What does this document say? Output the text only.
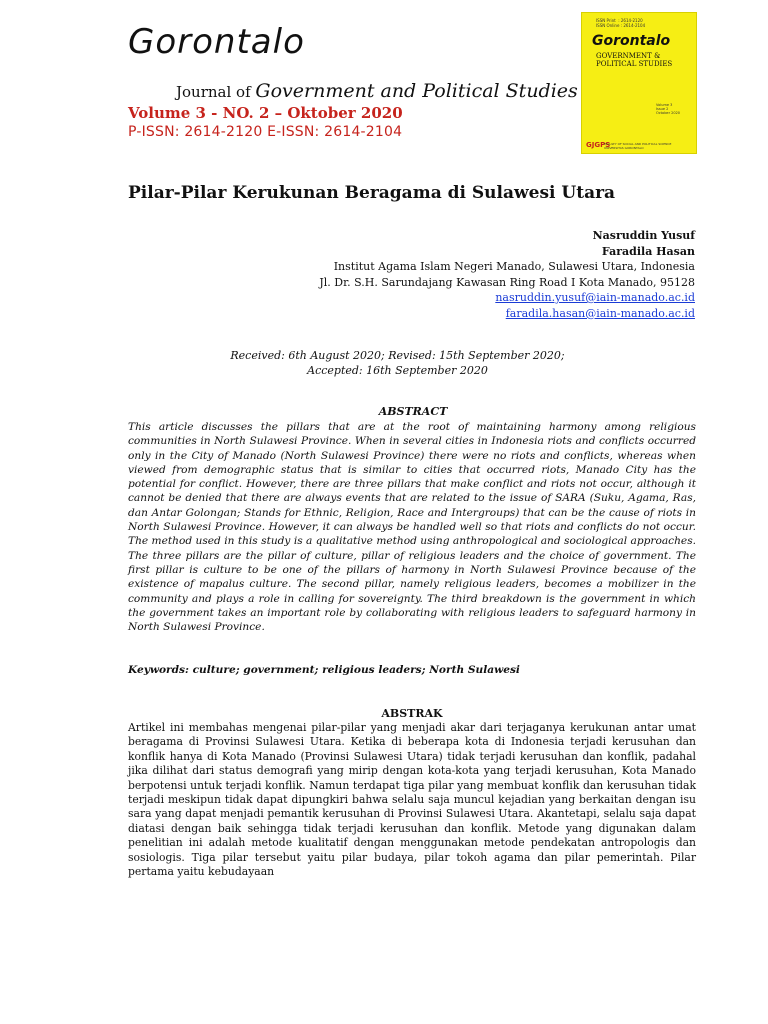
Gorontalo
Journal of Government and Political Studies
Volume 3 - NO. 2 – Oktober 2020
P-ISSN: 2614-2120 E-ISSN: 2614-2104
ISSN Print  : 2614-2120
ISSN Online : 2614-2104
Gorontalo
GOVERNMENT &
POLITICAL STUDIES
Volume 3
Issue 2
October 2020
GJGPS
FACULTY OF SOCIAL AND POLITICAL SCIENCE
UNIVERSITAS GORONTALO
Pilar-Pilar Kerukunan Beragama di Sulawesi Utara
Nasruddin Yusuf
Faradila Hasan
Institut Agama Islam Negeri Manado, Sulawesi Utara, Indonesia
Jl. Dr. S.H. Sarundajang Kawasan Ring Road I Kota Manado, 95128
nasruddin.yusuf@iain-manado.ac.id
faradila.hasan@iain-manado.ac.id
Received: 6th August 2020; Revised: 15th September 2020;
Accepted: 16th September 2020
ABSTRACT
This article discusses the pillars that are at the root of maintaining harmony among religious communities in North Sulawesi Province. When in several cities in Indonesia riots and conflicts occurred only in the City of Manado (North Sulawesi Province) there were no riots and conflicts, whereas when viewed from demographic status that is similar to cities that occurred riots, Manado City has the potential for conflict. However, there are three pillars that make conflict and riots not occur, although it cannot be denied that there are always events that are related to the issue of SARA (Suku, Agama, Ras, dan Antar Golongan; Stands for Ethnic, Religion, Race and Intergroups) that can be the cause of riots in North Sulawesi Province. However, it can always be handled well so that riots and conflicts do not occur. The method used in this study is a qualitative method using anthropological and sociological approaches. The three pillars are the pillar of culture, pillar of religious leaders and the choice of government. The first pillar is culture to be one of the pillars of harmony in North Sulawesi Province because of the existence of mapalus culture. The second pillar, namely religious leaders, becomes a mobilizer in the community and plays a role in calling for sovereignty. The third breakdown is the government in which the government takes an important role by collaborating with religious leaders to safeguard harmony in North Sulawesi Province.
Keywords: culture; government; religious leaders; North Sulawesi
ABSTRAK
Artikel ini membahas mengenai pilar-pilar yang menjadi akar dari terjaganya kerukunan antar umat beragama di Provinsi Sulawesi Utara. Ketika di beberapa kota di Indonesia terjadi kerusuhan dan konflik hanya di Kota Manado (Provinsi Sulawesi Utara) tidak terjadi kerusuhan dan konflik, padahal jika dilihat dari status demografi yang mirip dengan kota-kota yang terjadi kerusuhan, Kota Manado berpotensi untuk terjadi konflik. Namun terdapat tiga pilar yang membuat konflik dan kerusuhan tidak terjadi meskipun tidak dapat dipungkiri bahwa selalu saja muncul kejadian yang berkaitan dengan isu sara yang dapat menjadi pemantik kerusuhan di Provinsi Sulawesi Utara. Akantetapi, selalu saja dapat diatasi dengan baik sehingga tidak terjadi kerusuhan dan konflik. Metode yang digunakan dalam penelitian ini adalah metode kualitatif dengan menggunakan metode pendekatan antropologis dan sosiologis. Tiga pilar tersebut yaitu pilar budaya, pilar tokoh agama dan pilar pemerintah. Pilar pertama yaitu kebudayaan
